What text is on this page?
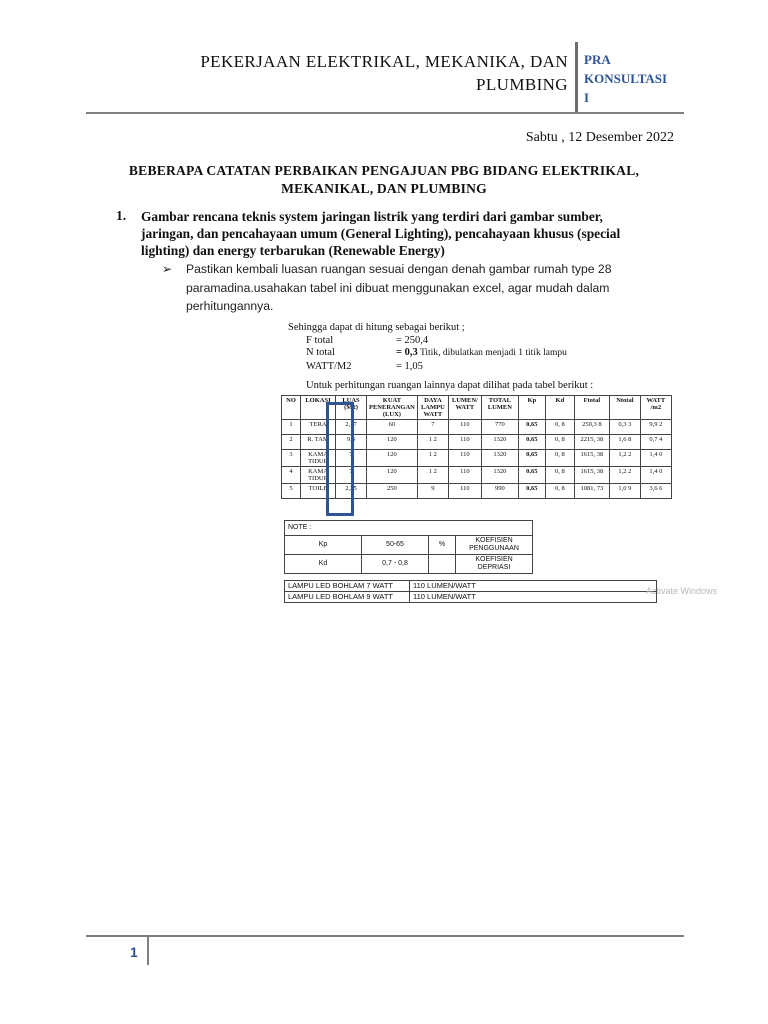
PEKERJAAN ELEKTRIKAL, MEKANIKA, DAN
PLUMBING
PRA
KONSULTASI
I
Sabtu , 12 Desember 2022
BEBERAPA CATATAN PERBAIKAN PENGAJUAN PBG BIDANG ELEKTRIKAL,
MEKANIKAL, DAN PLUMBING
1. Gambar rencana teknis system jaringan listrik yang terdiri dari gambar sumber, jaringan, dan pencahayaan umum (General Lighting), pencahayaan khusus (special lighting) dan energy terbarukan (Renewable Energy)
➢ Pastikan kembali luasan ruangan sesuai dengan denah gambar rumah type 28 paramadina.usahakan tabel ini dibuat menggunakan excel, agar mudah dalam perhitungannya.
Sehingga dapat di hitung sebagai berikut ;
F total	= 250,4
N total	= 0,3 Titik, dibulatkan menjadi 1 titik lampu
WATT/M2	= 1,05
Untuk perhitungan ruangan lainnya dapat dilihat pada tabel berikut :
NO	LOKASI	LUAS (M2)	KUAT PENERANGAN (LUX)	DAYA LAMPU WATT	LUMEN/ WATT	TOTAL LUMEN	Kp	Kd	Ftotal	Ntotal	WATT /m2
1	TERA	2,17	60	7	110	770	0,65	0, 8	250,3 8	0,3 3	9,9 2
2	R. TAM	9,6	120	1 2	110	1320	0,65	0, 8	2215, 38	1,6 8	0,7 4
3	KAMA TIDUR	7	120	1 2	110	1320	0,65	0, 8	1615, 38	1,2 2	1,4 0
4	KAMA TIDUR	7	120	1 2	110	1320	0,65	0, 8	1615, 38	1,2 2	1,4 0
5	TOILE	2,25	250	9	110	990	0,65	0, 8	1081, 73	1,0 9	3,6 6
NOTE :			
Kp	50-65	%	KOEFISIEN PENGGUNAAN
Kd	0,7 - 0,8		KOEFISIEN DEPRIASI
LAMPU LED BOHLAM 7 WATT	110 LUMEN/WATT
LAMPU LED BOHLAM 9 WATT	110 LUMEN/WATT
Activate Windows
1
